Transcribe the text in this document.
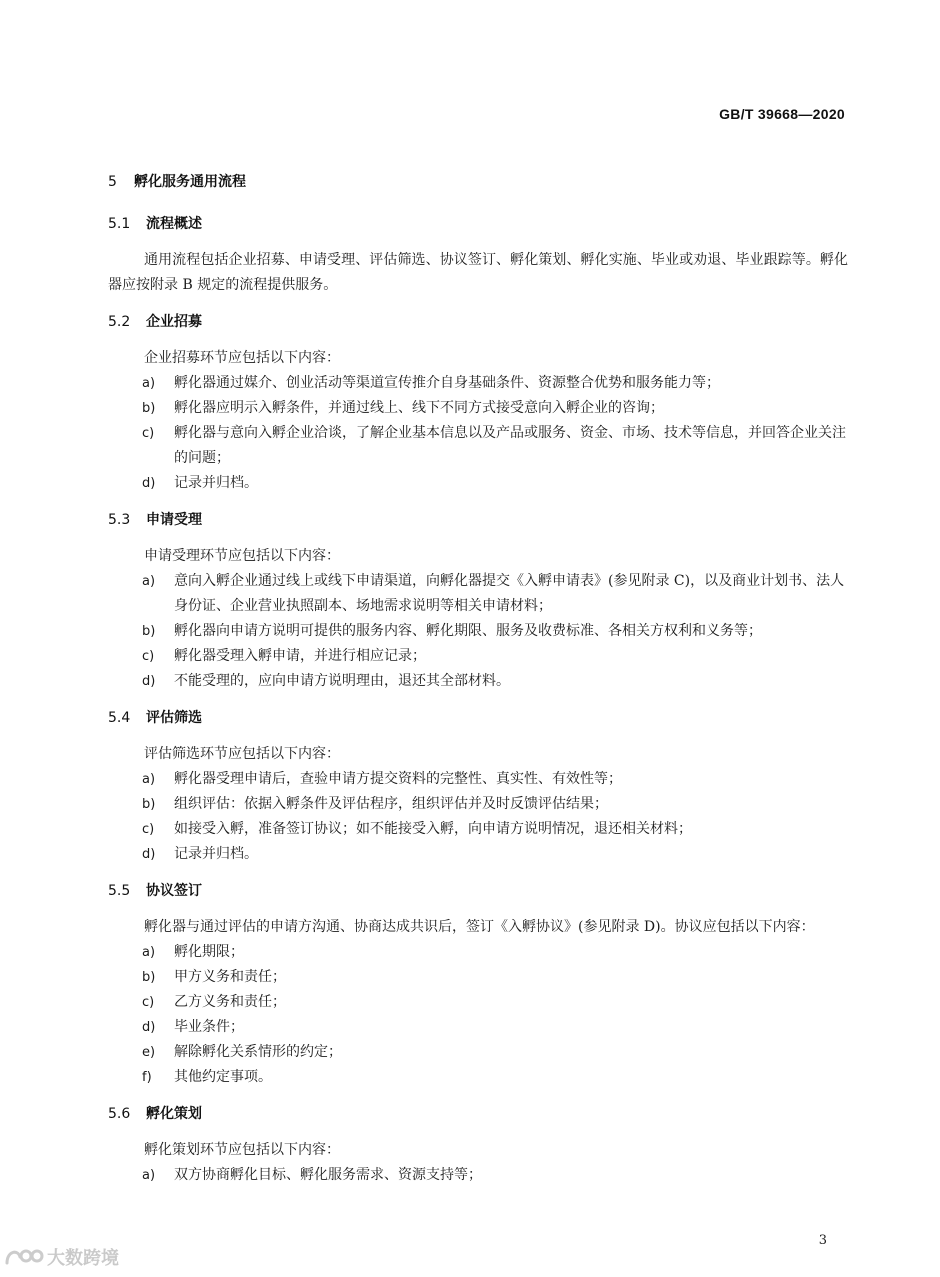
GB/T 39668—2020
5	孵化服务通用流程
5.1	流程概述

通用流程包括企业招募、申请受理、评估筛选、协议签订、孵化策划、孵化实施、毕业或劝退、毕业跟踪等。孵化器应按附录 B 规定的流程提供服务。

5.2	企业招募

企业招募环节应包括以下内容：

a)	孵化器通过媒介、创业活动等渠道宣传推介自身基础条件、资源整合优势和服务能力等；
b)	孵化器应明示入孵条件，并通过线上、线下不同方式接受意向入孵企业的咨询；
c)	孵化器与意向入孵企业洽谈，了解企业基本信息以及产品或服务、资金、市场、技术等信息，并回答企业关注的问题；
d)	记录并归档。
5.3	申请受理

申请受理环节应包括以下内容：

a)	意向入孵企业通过线上或线下申请渠道，向孵化器提交《入孵申请表》(参见附录 C)，以及商业计划书、法人身份证、企业营业执照副本、场地需求说明等相关申请材料；
b)	孵化器向申请方说明可提供的服务内容、孵化期限、服务及收费标准、各相关方权利和义务等；
c)	孵化器受理入孵申请，并进行相应记录；
d)	不能受理的，应向申请方说明理由，退还其全部材料。
5.4	评估筛选

评估筛选环节应包括以下内容：

a)	孵化器受理申请后，查验申请方提交资料的完整性、真实性、有效性等；
b)	组织评估：依据入孵条件及评估程序，组织评估并及时反馈评估结果；
c)	如接受入孵，准备签订协议；如不能接受入孵，向申请方说明情况，退还相关材料；
d)	记录并归档。
5.5	协议签订

孵化器与通过评估的申请方沟通、协商达成共识后，签订《入孵协议》(参见附录 D)。协议应包括以下内容：

a)	孵化期限；
b)	甲方义务和责任；
c)	乙方义务和责任；
d)	毕业条件；
e)	解除孵化关系情形的约定；
f)	其他约定事项。
5.6	孵化策划

孵化策划环节应包括以下内容：

a)	双方协商孵化目标、孵化服务需求、资源支持等；
3
大数跨境
